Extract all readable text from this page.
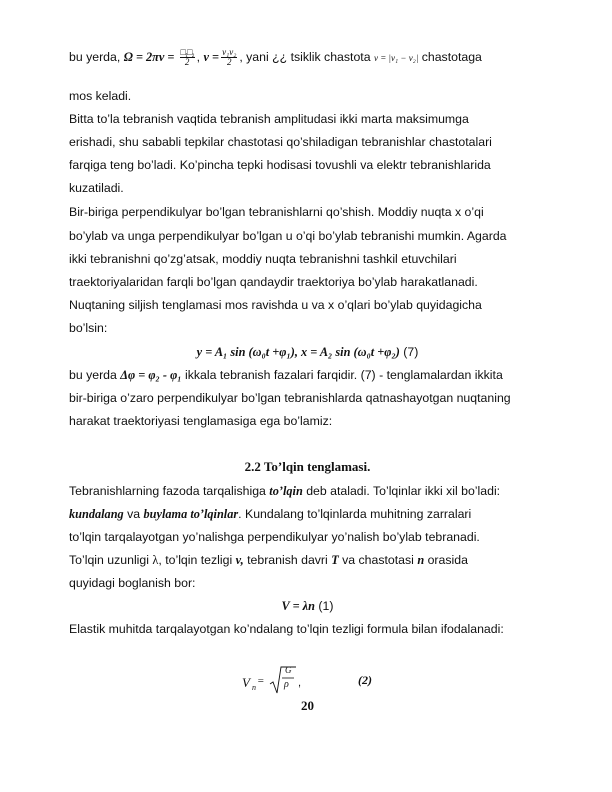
bu yerda, $\Omega = 2\pi\nu = \frac{\text{□₁□₂}}{2}$ , $\nu = \frac{\text{ν₁ν₂}}{2}$ , yani ¿¿ tsiklik chastota ν = |ν₁ − ν₂| chastotaga
mos keladi.
Bitta to’la tebranish vaqtida tebranish amplitudasi ikki marta maksimumga
erishadi, shu sababli tepkilar chastotasi qo’shiladigan tebranishlar chastotalari
farqiga teng bo’ladi. Ko’pincha tepki hodisasi tovushli va elektr tebranishlarida
kuzatiladi.
Bir-biriga perpendikulyar bo’lgan tebranishlarni qo’shish. Moddiy nuqta x o’qi
bo’ylab va unga perpendikulyar bo’lgan u o’qi bo’ylab tebranishi mumkin. Agarda
ikki tebranishni qo’zg’atsak, moddiy nuqta tebranishni tashkil etuvchilari
traektoriyalaridan farqli bo’lgan qandaydir traektoriya bo’ylab harakatlanadi.
Nuqtaning siljish tenglamasi mos ravishda u va x o’qlari bo’ylab quyidagicha
bo’lsin:
y = A₁ sin (ω₀t +φ₁), x = A₂ sin (ω₀t +φ₂) (7)
bu yerda Δφ = φ₂ - φ₁ ikkala tebranish fazalari farqidir. (7) - tenglamalardan ikkita
bir-biriga o’zaro perpendikulyar bo’lgan tebranishlarda qatnashayotgan nuqtaning
harakat traektoriyasi tenglamasiga ega bo’lamiz:
2.2 To’lqin tenglamasi.
Tebranishlarning fazoda tarqalishiga to’lqin deb ataladi. To’lqinlar ikki xil bo’ladi:
kundalang va buylama to’lqinlar. Kundalang to’lqinlarda muhitning zarralari
to’lqin tarqalayotgan yo’nalishga perpendikulyar yo’nalish bo’ylab tebranadi.
To’lqin uzunligi λ, to’lqin tezligi v, tebranish davri T va chastotasi n orasida
quyidagi boglanish bor:
V = λn (1)
Elastik muhitda tarqalayotgan ko’ndalang to’lqin tezligi formula bilan ifodalanadi:
V n
=
G
ρ ,	(2)
20
